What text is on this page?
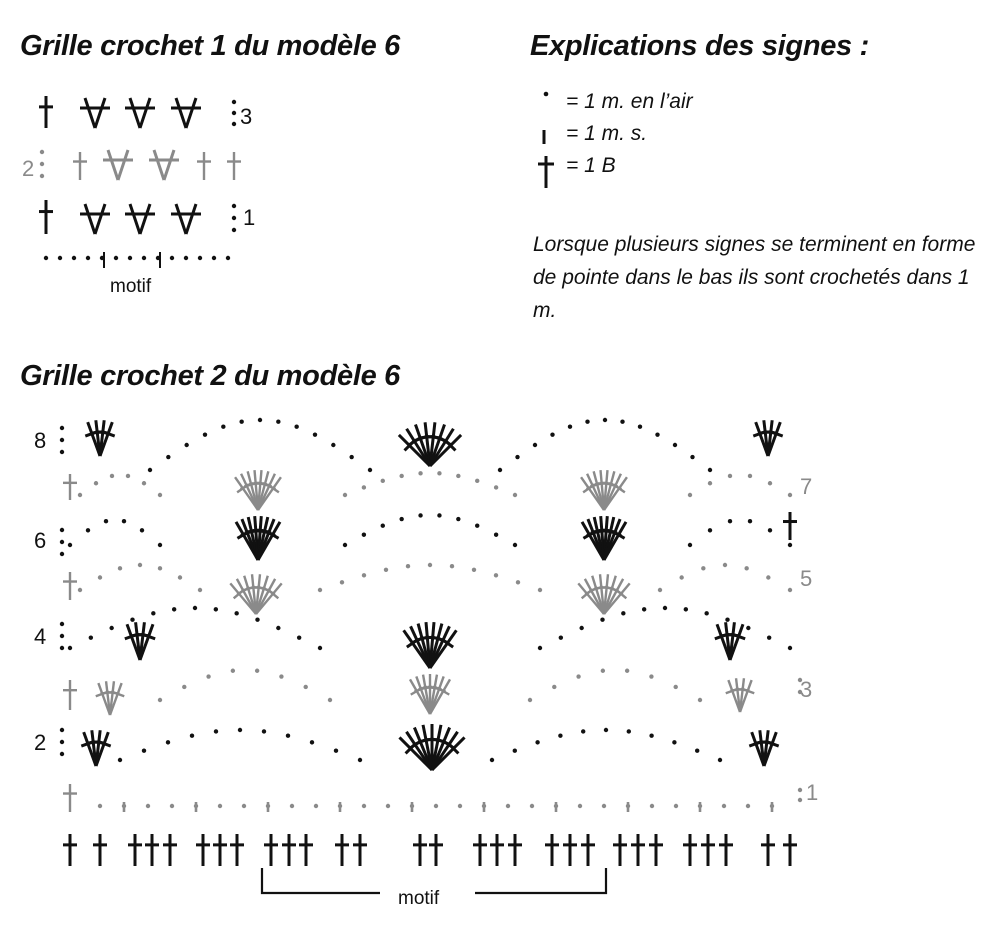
Grille crochet 1 du modèle 6	Explications des signes :
Grille crochet 2 du modèle 6
= 1 m. en l’air
= 1 m. s.
= 1 B
Lorsque plusieurs signes se terminent en forme de pointe dans le bas ils sont crochetés dans 1 m.
3
2
1
motif
8
7
6
5
4
3
2
1
motif
